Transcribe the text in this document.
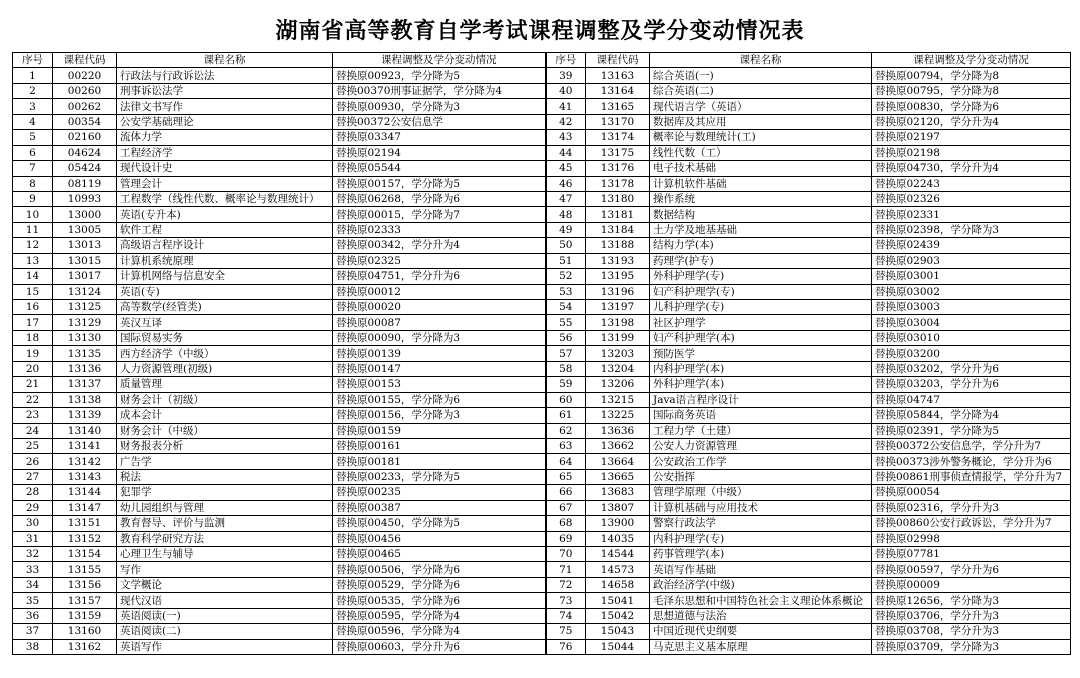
湖南省高等教育自学考试课程调整及学分变动情况表
序号	课程代码	课程名称	课程调整及学分变动情况	序号	课程代码	课程名称	课程调整及学分变动情况
1	00220	行政法与行政诉讼法	替换原00923，学分降为5	39	13163	综合英语(一)	替换原00794，学分降为8
2	00260	刑事诉讼法学	替换00370刑事证据学，学分降为4	40	13164	综合英语(二)	替换原00795，学分降为8
3	00262	法律文书写作	替换原00930，学分降为3	41	13165	现代语言学（英语）	替换原00830，学分降为6
4	00354	公安学基础理论	替换00372公安信息学	42	13170	数据库及其应用	替换原02120，学分升为4
5	02160	流体力学	替换原03347	43	13174	概率论与数理统计(工)	替换原02197
6	04624	工程经济学	替换原02194	44	13175	线性代数（工）	替换原02198
7	05424	现代设计史	替换原05544	45	13176	电子技术基础	替换原04730，学分升为4
8	08119	管理会计	替换原00157，学分降为5	46	13178	计算机软件基础	替换原02243
9	10993	工程数学（线性代数、概率论与数理统计）	替换原06268，学分降为6	47	13180	操作系统	替换原02326
10	13000	英语(专升本)	替换原00015，学分降为7	48	13181	数据结构	替换原02331
11	13005	软件工程	替换原02333	49	13184	土力学及地基基础	替换原02398，学分降为3
12	13013	高级语言程序设计	替换原00342，学分升为4	50	13188	结构力学(本)	替换原02439
13	13015	计算机系统原理	替换原02325	51	13193	药理学(护专)	替换原02903
14	13017	计算机网络与信息安全	替换原04751，学分升为6	52	13195	外科护理学(专)	替换原03001
15	13124	英语(专)	替换原00012	53	13196	妇产科护理学(专)	替换原03002
16	13125	高等数学(经管类)	替换原00020	54	13197	儿科护理学(专)	替换原03003
17	13129	英汉互译	替换原00087	55	13198	社区护理学	替换原03004
18	13130	国际贸易实务	替换原00090，学分降为3	56	13199	妇产科护理学(本)	替换原03010
19	13135	西方经济学（中级）	替换原00139	57	13203	预防医学	替换原03200
20	13136	人力资源管理(初级)	替换原00147	58	13204	内科护理学(本)	替换原03202，学分升为6
21	13137	质量管理	替换原00153	59	13206	外科护理学(本)	替换原03203，学分升为6
22	13138	财务会计（初级）	替换原00155，学分降为6	60	13215	Java语言程序设计	替换原04747
23	13139	成本会计	替换原00156，学分降为3	61	13225	国际商务英语	替换原05844，学分降为4
24	13140	财务会计（中级）	替换原00159	62	13636	工程力学（土建）	替换原02391，学分降为5
25	13141	财务报表分析	替换原00161	63	13662	公安人力资源管理	替换00372公安信息学，学分升为7
26	13142	广告学	替换原00181	64	13664	公安政治工作学	替换00373涉外警务概论，学分升为6
27	13143	税法	替换原00233，学分降为5	65	13665	公安指挥	替换00861刑事侦查情报学，学分升为7
28	13144	犯罪学	替换原00235	66	13683	管理学原理（中级）	替换原00054
29	13147	幼儿园组织与管理	替换原00387	67	13807	计算机基础与应用技术	替换原02316，学分升为3
30	13151	教育督导、评价与监测	替换原00450，学分降为5	68	13900	警察行政法学	替换00860公安行政诉讼，学分升为7
31	13152	教育科学研究方法	替换原00456	69	14035	内科护理学(专)	替换原02998
32	13154	心理卫生与辅导	替换原00465	70	14544	药事管理学(本)	替换原07781
33	13155	写作	替换原00506，学分降为6	71	14573	英语写作基础	替换原00597，学分升为6
34	13156	文学概论	替换原00529，学分降为6	72	14658	政治经济学(中级)	替换原00009
35	13157	现代汉语	替换原00535，学分降为6	73	15041	毛泽东思想和中国特色社会主义理论体系概论	替换原12656，学分降为3
36	13159	英语阅读(一)	替换原00595，学分降为4	74	15042	思想道德与法治	替换原03706，学分升为3
37	13160	英语阅读(二)	替换原00596，学分降为4	75	15043	中国近现代史纲要	替换原03708，学分升为3
38	13162	英语写作	替换原00603，学分升为6	76	15044	马克思主义基本原理	替换原03709，学分降为3
